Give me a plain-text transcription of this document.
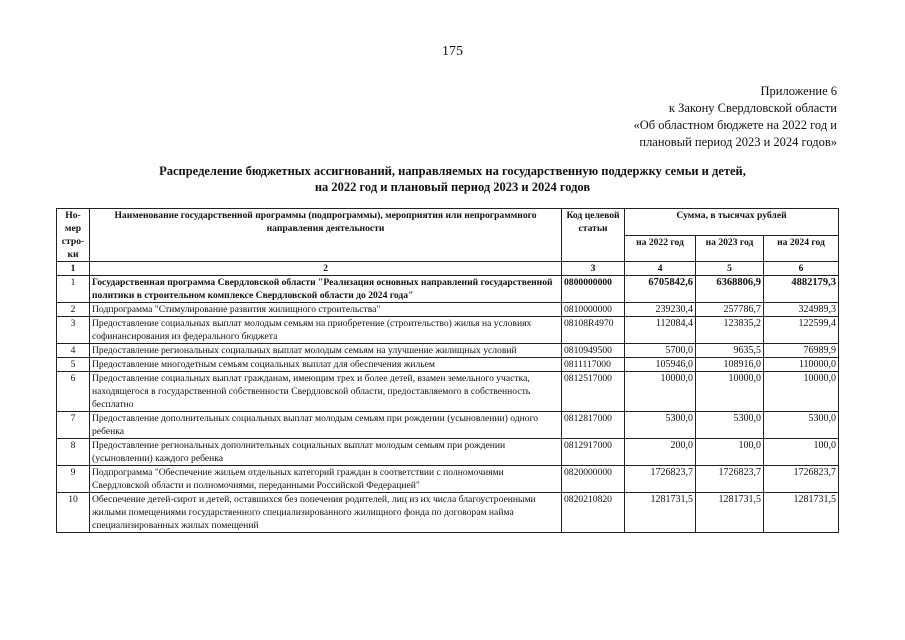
175
Приложение 6
к Закону Свердловской области
«Об областном бюджете на 2022 год и
плановый период 2023 и 2024 годов»
Распределение бюджетных ассигнований, направляемых на государственную поддержку семьи и детей,
на 2022 год и плановый период 2023 и 2024 годов
Но-мер стро-ки	Наименование государственной программы (подпрограммы), мероприятия или непрограммного направления деятельности	Код целевой статьи	Сумма, в тысячах рублей		
			на 2022 год	на 2023 год	на 2024 год
1	2	3	4	5	6
1	Государственная программа Свердловской области "Реализация основных направлений государственной политики в строительном комплексе Свердловской области до 2024 года"	0800000000	6705842,6	6368806,9	4882179,3
2	Подпрограмма "Стимулирование развития жилищного строительства"	0810000000	239230,4	257786,7	324989,3
3	Предоставление социальных выплат молодым семьям на приобретение (строительство) жилья на условиях софинансирования из федерального бюджета	08108R4970	112084,4	123835,2	122599,4
4	Предоставление региональных социальных выплат молодым семьям на улучшение жилищных условий	0810949500	5700,0	9635,5	76989,9
5	Предоставление многодетным семьям социальных выплат для обеспечения жильем	0811117000	105946,0	108916,0	110000,0
6	Предоставление социальных выплат гражданам, имеющим трех и более детей, взамен земельного участка, находящегося в государственной собственности Свердловской области, предоставляемого в собственность бесплатно	0812517000	10000,0	10000,0	10000,0
7	Предоставление дополнительных социальных выплат молодым семьям при рождении (усыновлении) одного ребенка	0812817000	5300,0	5300,0	5300,0
8	Предоставление региональных дополнительных социальных выплат молодым семьям при рождении (усыновлении) каждого ребенка	0812917000	200,0	100,0	100,0
9	Подпрограмма "Обеспечение жильем отдельных категорий граждан в соответствии с полномочиями Свердловской области и полномочиями, переданными Российской Федерацией"	0820000000	1726823,7	1726823,7	1726823,7
10	Обеспечение детей-сирот и детей, оставшихся без попечения родителей, лиц из их числа благоустроенными жилыми помещениями государственного специализированного жилищного фонда по договорам найма специализированных жилых помещений	0820210820	1281731,5	1281731,5	1281731,5
